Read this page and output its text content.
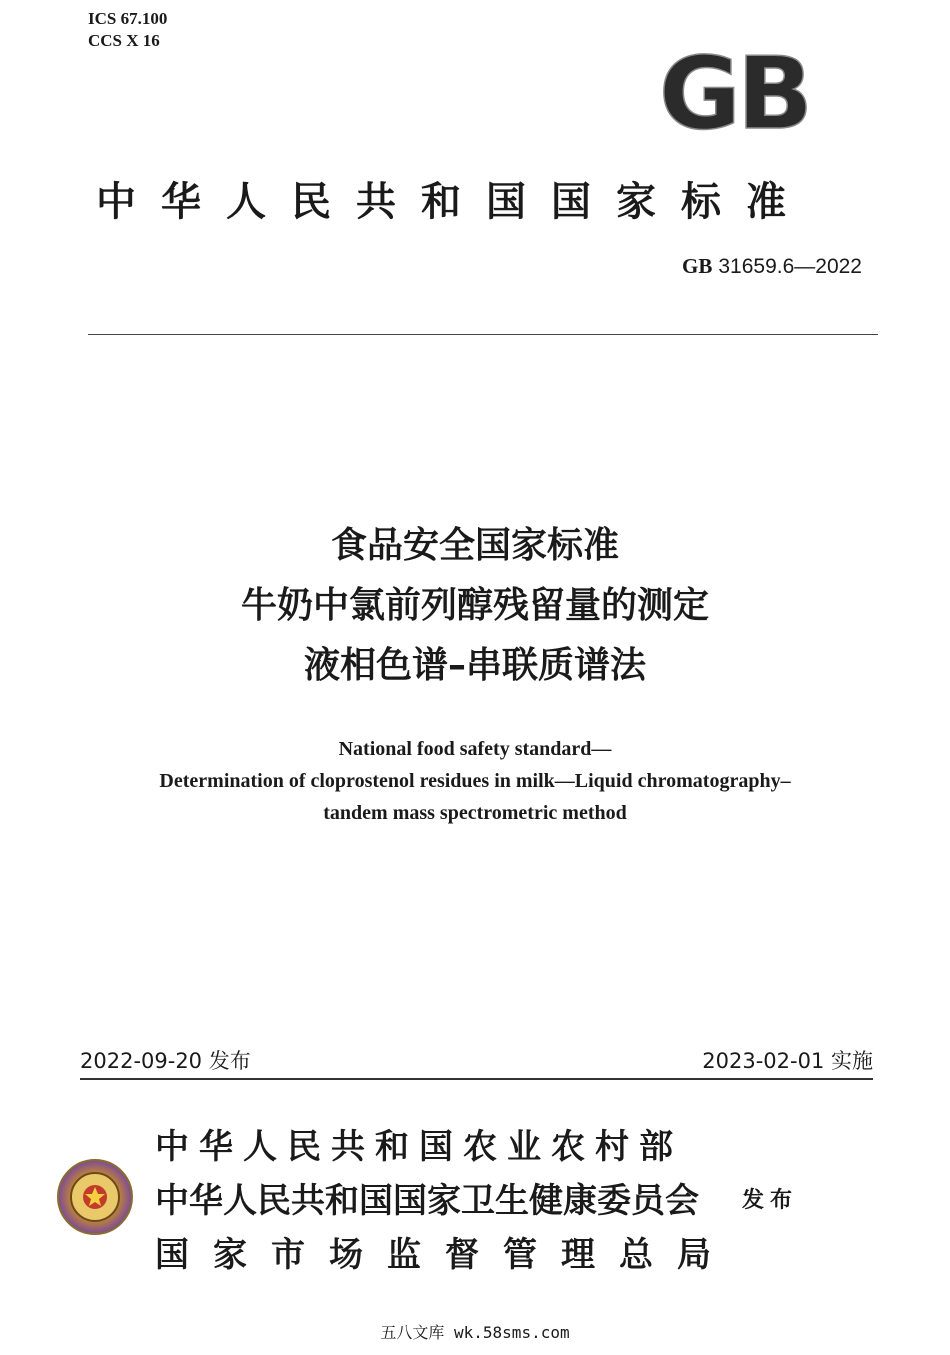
ICS 67.100
CCS X 16	GB
中华人民共和国国家标准
GB 31659.6—2022
食品安全国家标准
牛奶中氯前列醇残留量的测定
液相色谱–串联质谱法
National food safety standard—
Determination of cloprostenol residues in milk—Liquid chromatography–
tandem mass spectrometric method
2022-09-20 发布	2023-02-01 实施
中华人民共和国农业农村部
中华人民共和国国家卫生健康委员会
国家市场监督管理总局
发布
五八文库 wk.58sms.com
